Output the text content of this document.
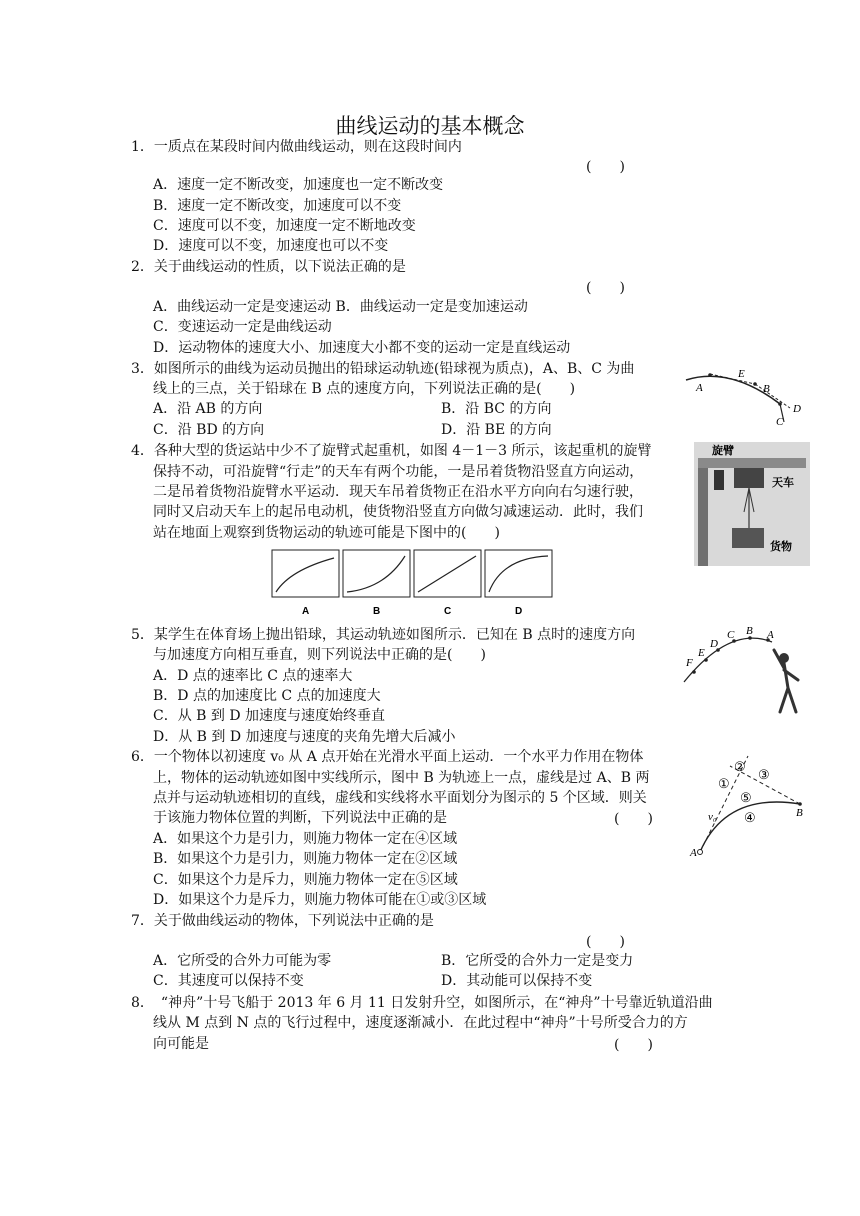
曲线运动的基本概念
1．一质点在某段时间内做曲线运动，则在这段时间内
(　　)
A．速度一定不断改变，加速度也一定不断改变
B．速度一定不断改变，加速度可以不变
C．速度可以不变，加速度一定不断地改变
D．速度可以不变，加速度也可以不变
2．关于曲线运动的性质，以下说法正确的是
(　　)
A．曲线运动一定是变速运动 B．曲线运动一定是变加速运动
C．变速运动一定是曲线运动
D．运动物体的速度大小、加速度大小都不变的运动一定是直线运动
3．如图所示的曲线为运动员抛出的铅球运动轨迹(铅球视为质点)，A、B、C 为曲
线上的三点，关于铅球在 B 点的速度方向，下列说法正确的是(　　)
A．沿 AB 的方向	B．沿 BC 的方向
C．沿 BD 的方向	D．沿 BE 的方向
A
E
B
D
C
4．各种大型的货运站中少不了旋臂式起重机，如图 4－1－3 所示，该起重机的旋臂
保持不动，可沿旋臂“行走”的天车有两个功能，一是吊着货物沿竖直方向运动，
二是吊着货物沿旋臂水平运动．现天车吊着货物正在沿水平方向向右匀速行驶，
同时又启动天车上的起吊电动机，使货物沿竖直方向做匀减速运动．此时，我们
站在地面上观察到货物运动的轨迹可能是下图中的(　　)
旋臂
天车
货物
A	B	C	D
5．某学生在体育场上抛出铅球，其运动轨迹如图所示．已知在 B 点时的速度方向
与加速度方向相互垂直，则下列说法中正确的是(　　)
A．D 点的速率比 C 点的速率大
B．D 点的加速度比 C 点的加速度大
C．从 B 到 D 加速度与速度始终垂直
D．从 B 到 D 加速度与速度的夹角先增大后减小
F
E
D
C B A
6．一个物体以初速度 v₀ 从 A 点开始在光滑水平面上运动．一个水平力作用在物体
上，物体的运动轨迹如图中实线所示，图中 B 为轨迹上一点，虚线是过 A、B 两
点并与运动轨迹相切的直线，虚线和实线将水平面划分为图示的 5 个区域．则关
于该施力物体位置的判断，下列说法中正确的是	(　　)
A．如果这个力是引力，则施力物体一定在④区域
B．如果这个力是引力，则施力物体一定在②区域
C．如果这个力是斥力，则施力物体一定在⑤区域
D．如果这个力是斥力，则施力物体可能在①或③区域
①
②
③
④
⑤
v₀
A
B
7．关于做曲线运动的物体，下列说法中正确的是
(　　)
A．它所受的合外力可能为零	B．它所受的合外力一定是变力
C．其速度可以保持不变	D．其动能可以保持不变
8．　“神舟”十号飞船于 2013 年 6 月 11 日发射升空，如图所示，在“神舟”十号靠近轨道沿曲
线从 M 点到 N 点的飞行过程中，速度逐渐减小．在此过程中“神舟”十号所受合力的方
向可能是	(　　)
